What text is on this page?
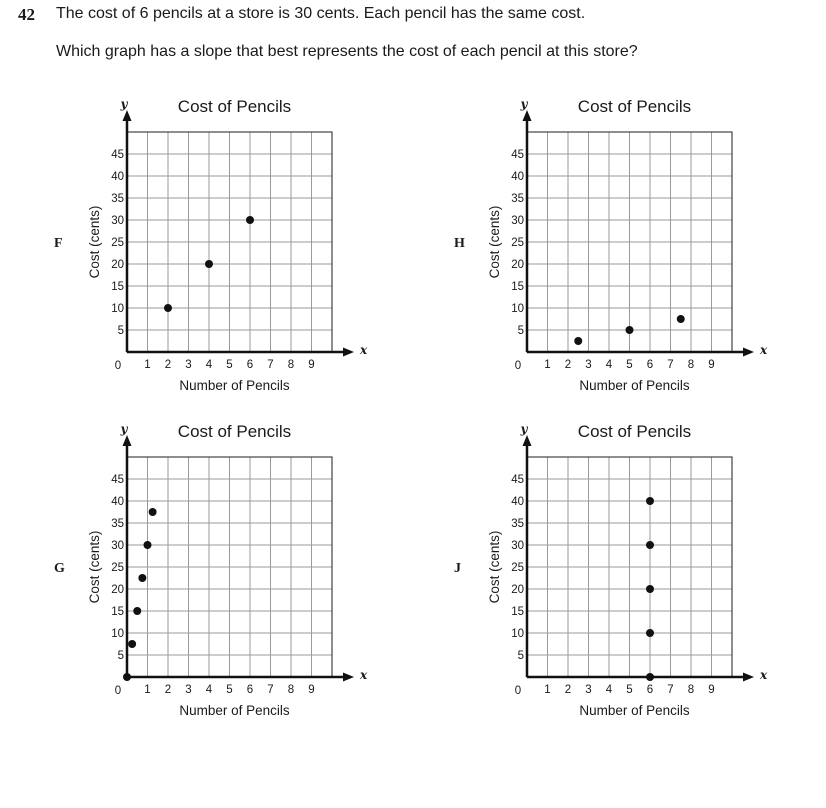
42 The cost of 6 pencils at a store is 30 cents. Each pencil has the same cost.
Which graph has a slope that best represents the cost of each pencil at this store?
Cost of Pencils
x
y
0 1 2 3 4 5 6 7 8 9
5
10
15
20
25
30
35
40
45
Number of Pencils
Cost (cents)
F
Cost of Pencils
x
y
0 1 2 3 4 5 6 7 8 9
5
10
15
20
25
30
35
40
45
Number of Pencils
Cost (cents)
H
Cost of Pencils
x
y
0 1 2 3 4 5 6 7 8 9
5
10
15
20
25
30
35
40
45
Number of Pencils
Cost (cents)
G
Cost of Pencils
x
y
0 1 2 3 4 5 6 7 8 9
5
10
15
20
25
30
35
40
45
Number of Pencils
Cost (cents)
J
